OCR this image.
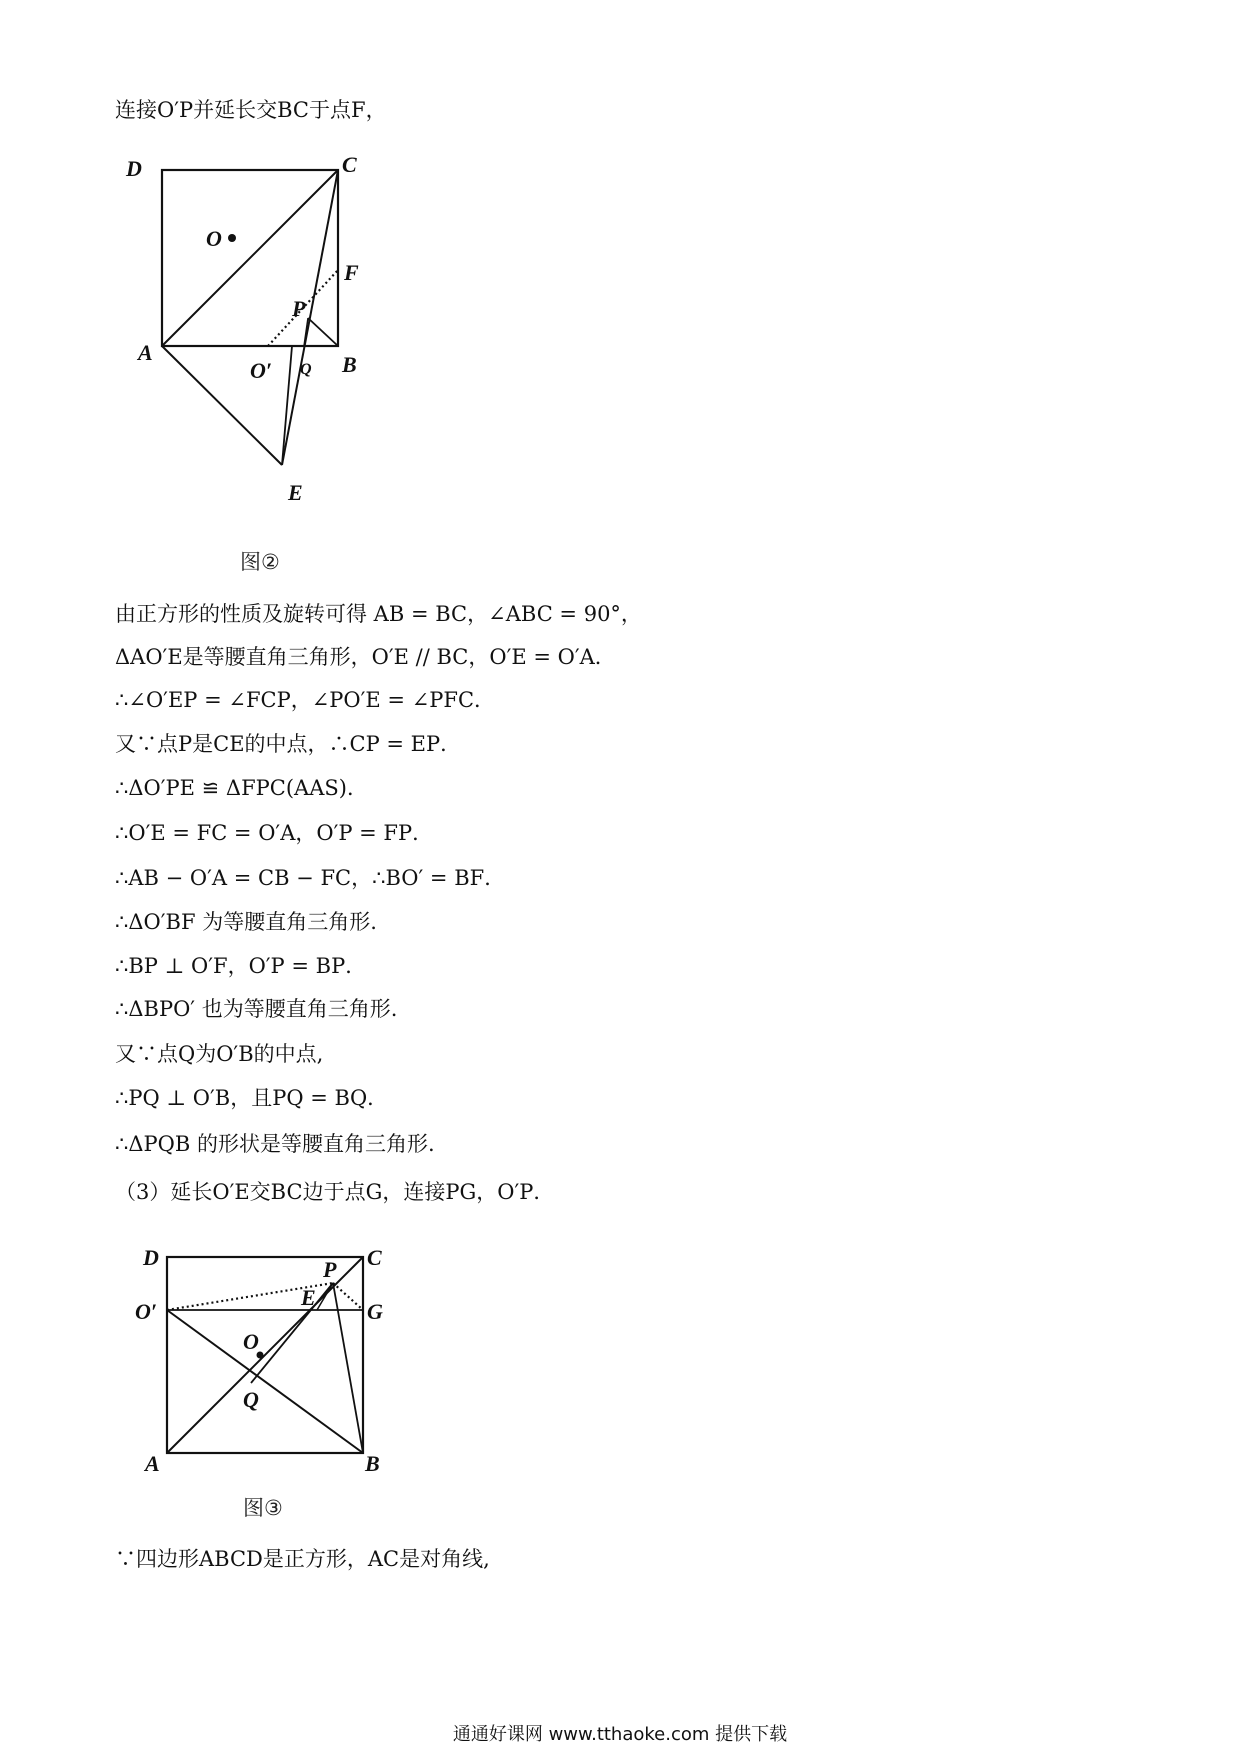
连接O′P并延长交BC于点F，
D	C
O
F
P
A
O′ Q B
E
图②
由正方形的性质及旋转可得 AB = BC，∠ABC = 90°，
ΔAO′E是等腰直角三角形，O′E // BC，O′E = O′A．
∴∠O′EP = ∠FCP，∠PO′E = ∠PFC．
又∵点P是CE的中点，∴CP = EP．
∴ΔO′PE ≌ ΔFPC(AAS)．
∴O′E = FC = O′A，O′P = FP．
∴AB − O′A = CB − FC，∴BO′ = BF．
∴ΔO′BF 为等腰直角三角形.
∴BP ⊥ O′F，O′P = BP．
∴ΔBPO′ 也为等腰直角三角形.
又∵点Q为O′B的中点,
∴PQ ⊥ O′B，且PQ = BQ．
∴ΔPQB 的形状是等腰直角三角形.
（3）延长O′E交BC边于点G，连接PG，O′P．
D	C
P
O′
E
G
O
Q
A	B
图③
∵四边形ABCD是正方形，AC是对角线,
通通好课网 www.tthaoke.com 提供下载
